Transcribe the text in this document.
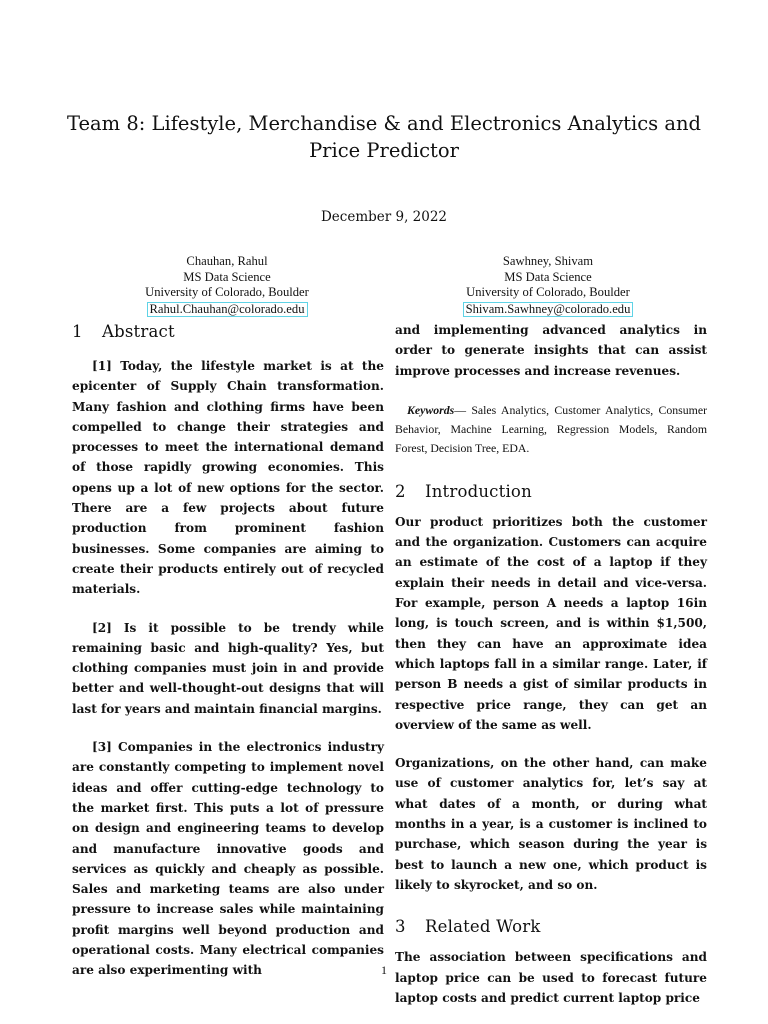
Team 8: Lifestyle, Merchandise & and Electronics Analytics and Price Predictor
December 9, 2022
Chauhan, Rahul
MS Data Science
University of Colorado, Boulder
Rahul.Chauhan@colorado.edu
Sawhney, Shivam
MS Data Science
University of Colorado, Boulder
Shivam.Sawhney@colorado.edu
1 Abstract

[1] Today, the lifestyle market is at the epicenter of Supply Chain transformation. Many fashion and clothing firms have been compelled to change their strategies and processes to meet the international demand of those rapidly growing economies. This opens up a lot of new options for the sector. There are a few projects about future production from prominent fashion businesses. Some companies are aiming to create their products entirely out of recycled materials.

[2] Is it possible to be trendy while remaining basic and high-quality? Yes, but clothing companies must join in and provide better and well-thought-out designs that will last for years and maintain financial margins.

[3] Companies in the electronics industry are constantly competing to implement novel ideas and offer cutting-edge technology to the market first. This puts a lot of pressure on design and engineering teams to develop and manufacture innovative goods and services as quickly and cheaply as possible. Sales and marketing teams are also under pressure to increase sales while maintaining profit margins well beyond production and operational costs. Many electrical companies are also experimenting with

and implementing advanced analytics in order to generate insights that can assist improve processes and increase revenues.

Keywords— Sales Analytics, Customer Analytics, Consumer Behavior, Machine Learning, Regression Models, Random Forest, Decision Tree, EDA.

2 Introduction

Our product prioritizes both the customer and the organization. Customers can acquire an estimate of the cost of a laptop if they explain their needs in detail and vice-versa. For example, person A needs a laptop 16in long, is touch screen, and is within $1,500, then they can have an approximate idea which laptops fall in a similar range. Later, if person B needs a gist of similar products in respective price range, they can get an overview of the same as well.

Organizations, on the other hand, can make use of customer analytics for, let’s say at what dates of a month, or during what months in a year, is a customer is inclined to purchase, which season during the year is best to launch a new one, which product is likely to skyrocket, and so on.

3 Related Work

The association between specifications and laptop price can be used to forecast future laptop costs and predict current laptop price

1
